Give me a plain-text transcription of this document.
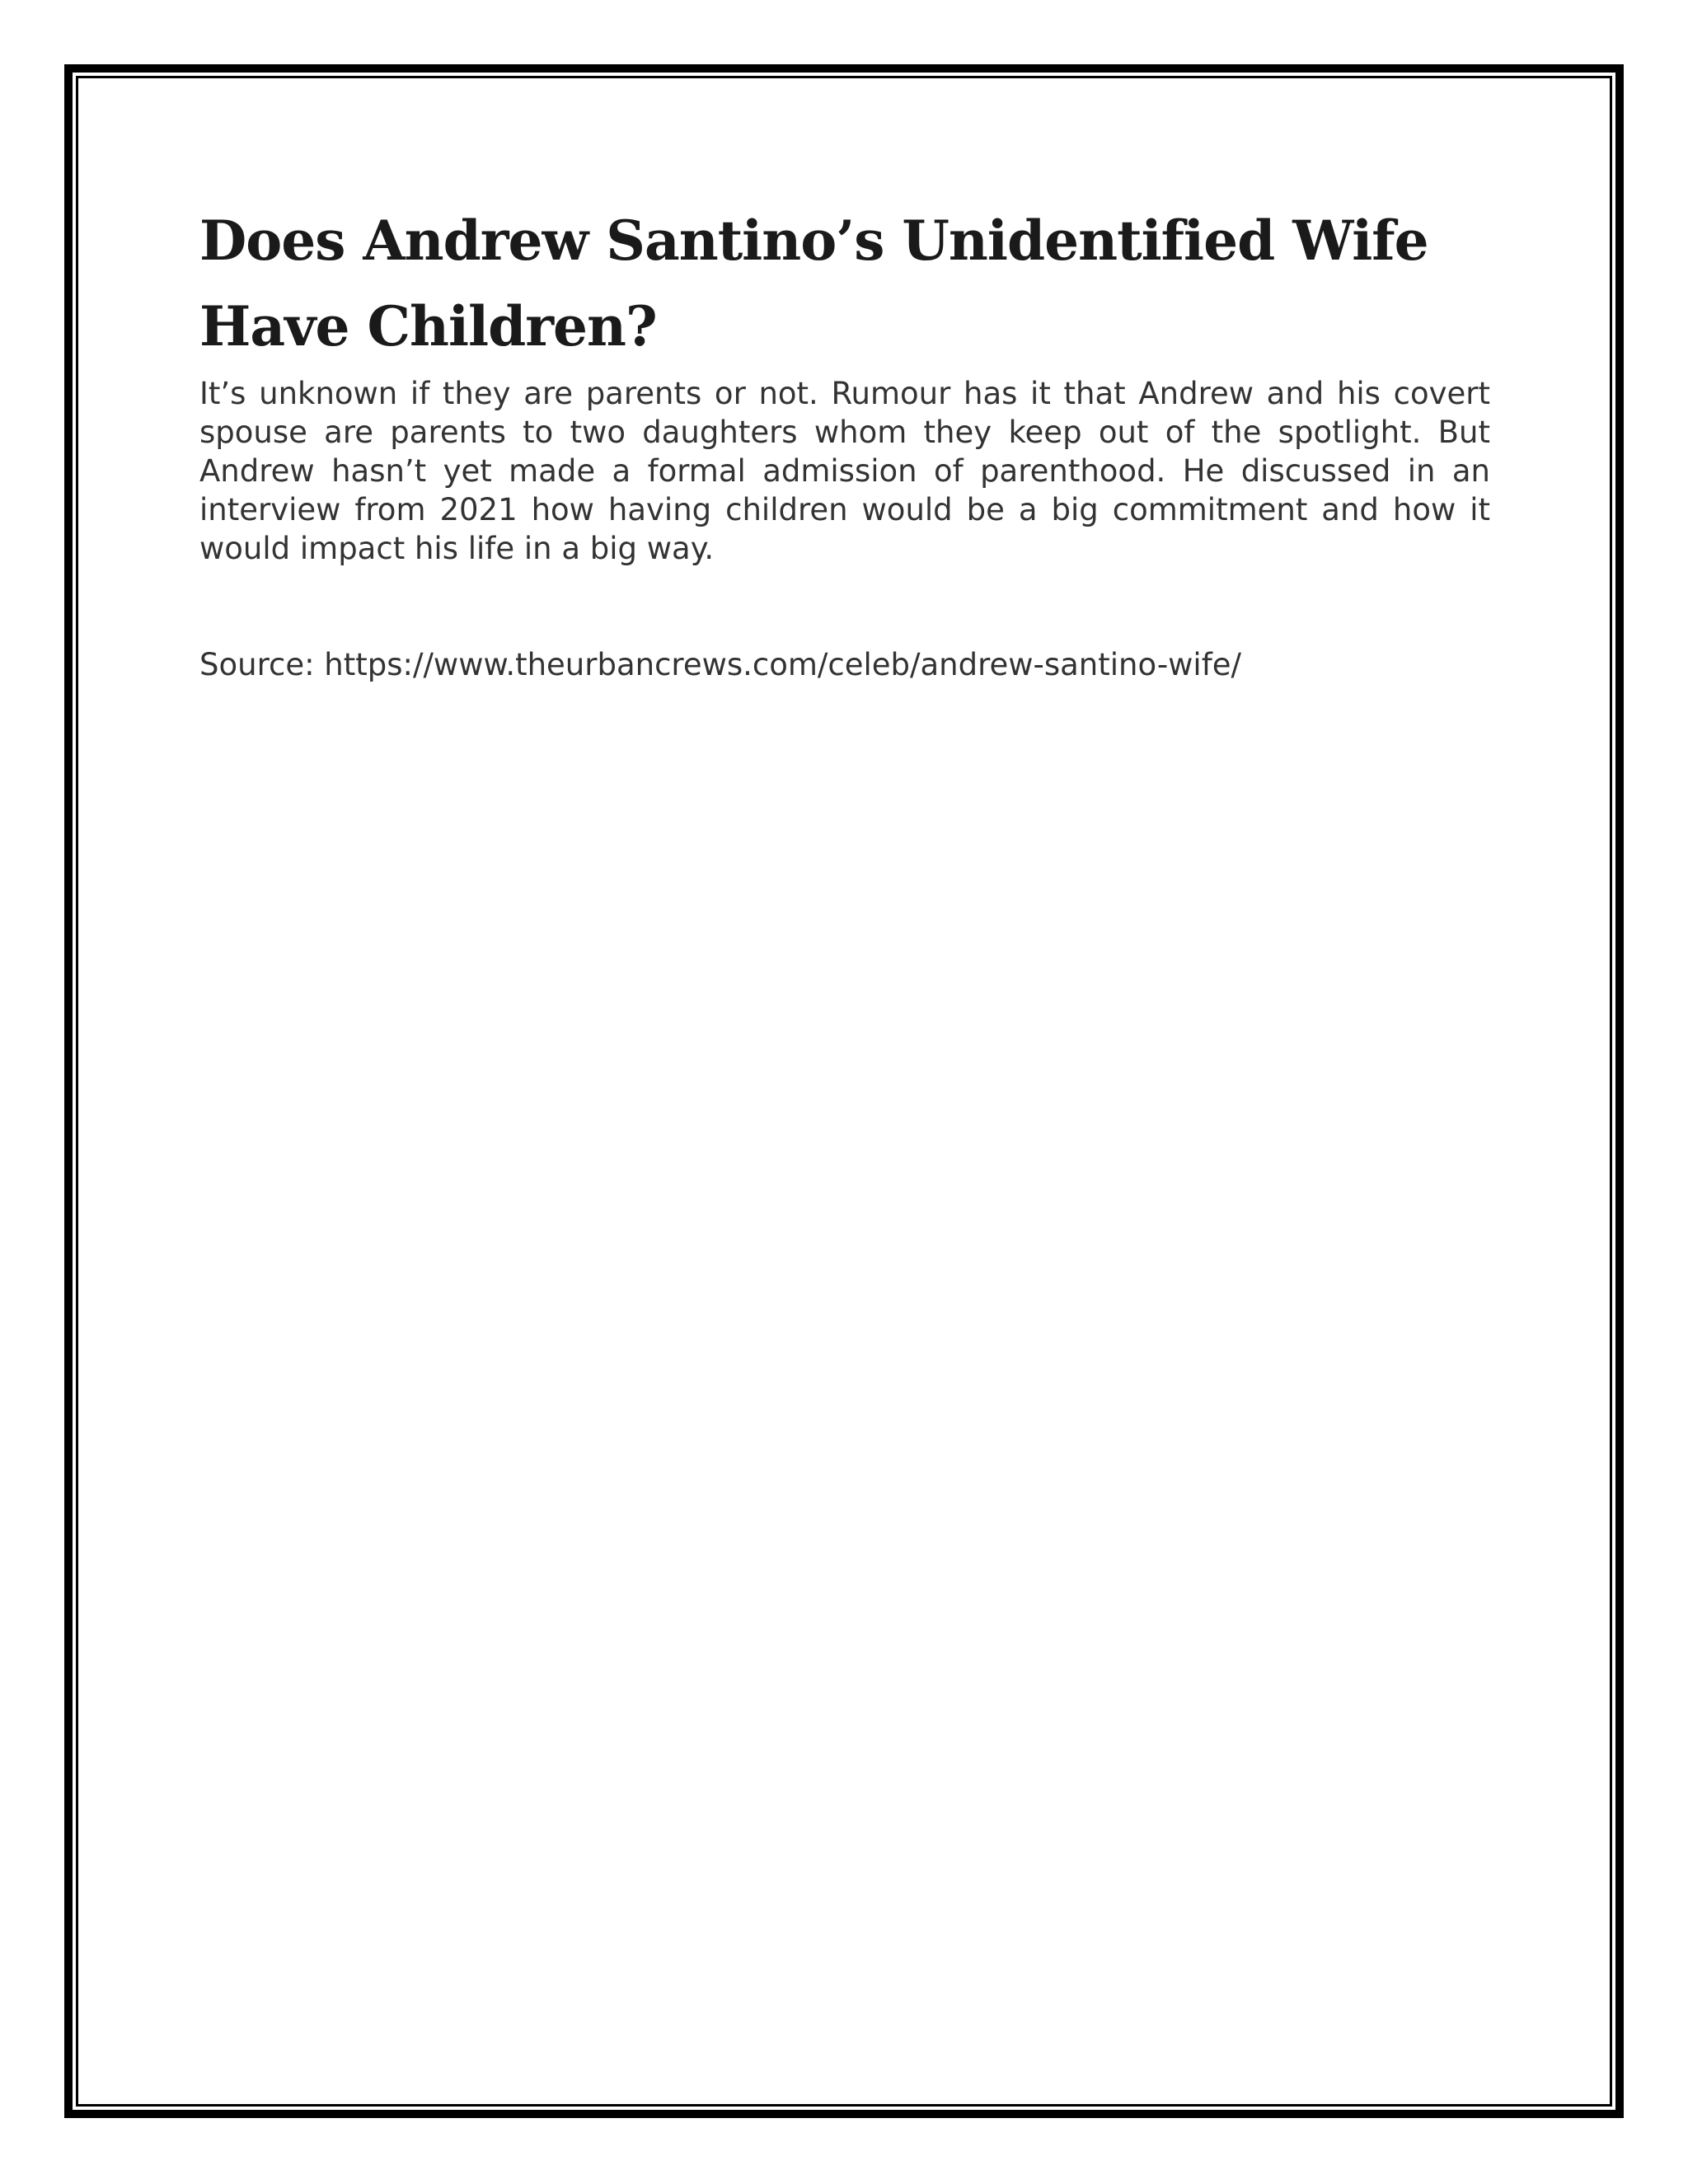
Does Andrew Santino’s Unidentified Wife Have Children?

It’s unknown if they are parents or not. Rumour has it that Andrew and his covert spouse are parents to two daughters whom they keep out of the spotlight. But Andrew hasn’t yet made a formal admission of parenthood. He discussed in an interview from 2021 how having children would be a big commitment and how it would impact his life in a big way.

Source: https://www.theurbancrews.com/celeb/andrew-santino-wife/
